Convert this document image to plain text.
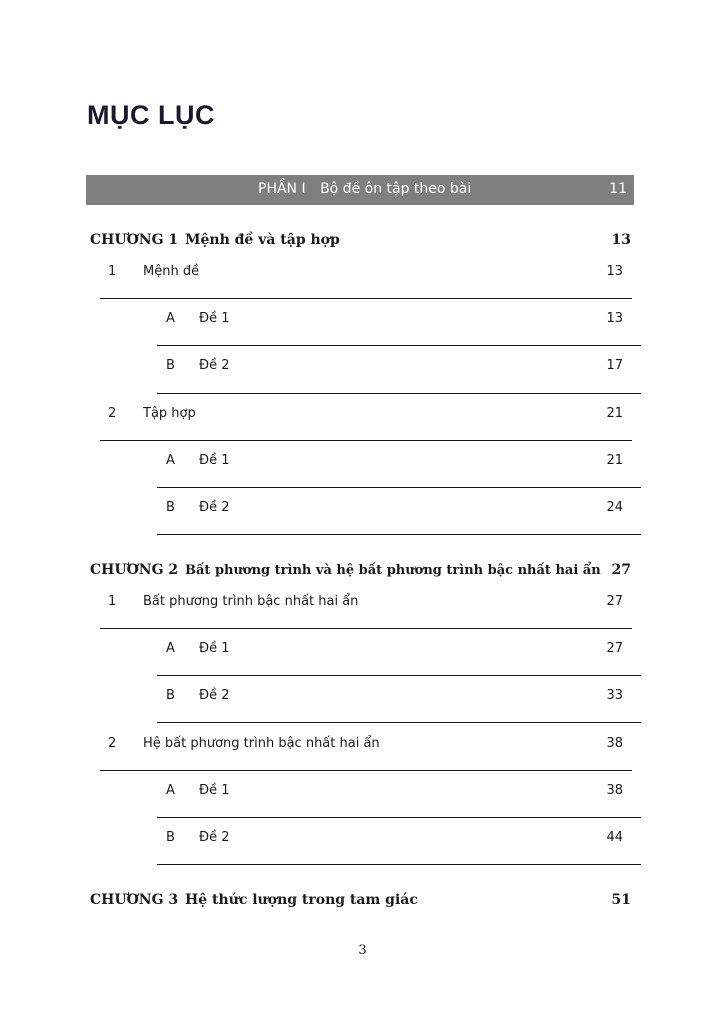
MỤC LỤC
PHẦN I Bộ đề ôn tập theo bài	11
CHƯƠNG 1 Mệnh đề và tập hợp	13
1 Mệnh đề	13
A Đề 1	13
B Đề 2	17
2 Tập hợp	21
A Đề 1	21
B Đề 2	24
CHƯƠNG 2 Bất phương trình và hệ bất phương trình bậc nhất hai ẩn 27
1 Bất phương trình bậc nhất hai ẩn	27
A Đề 1	27
B Đề 2	33
2 Hệ bất phương trình bậc nhất hai ẩn	38
A Đề 1	38
B Đề 2	44
CHƯƠNG 3 Hệ thức lượng trong tam giác	51
3
